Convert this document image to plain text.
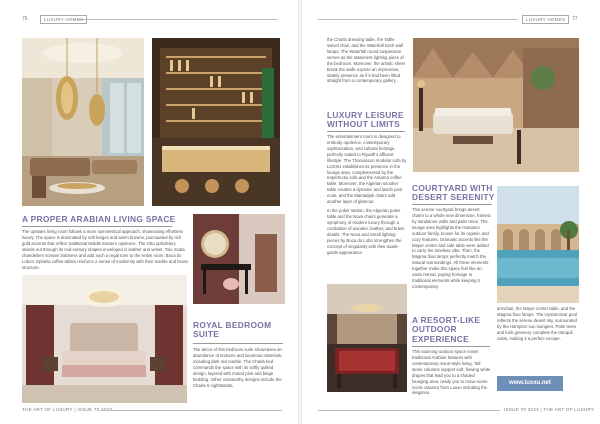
76	LUXURY HOMES
A PROPER ARABIAN LIVING SPACE

The upstairs living room follows a more symmetrical approach, showcasing effortless luxury. The space is dominated by soft beiges and warm browns, punctuated by rich gold accents that reflect traditional Middle Eastern opulence. The Otto upholstery stands out through its mid-century shapes enveloped in leather and velvet. Two Scala chandeliers scream boldness and add such a regal tone to the entire room. Boca do Lobo's Ophelia coffee tables reinforce a sense of modernity with their marble and brass structure.

ROYAL BEDROOM SUITE

The decor of this bedroom suite showcases an abundance of textures and luxurious materials, including dark red marble. The Charla bed commands the space with its softly quilted design, layered with muted pink and beige bedding. Other noteworthy designs include the Charla II nightstands,

THE ART OF LUXURY | ISSUE 70 2023
LUXURY HOMES	77

the Charla dressing table, the Table swivel chair, and the Waterfall torch wall lamps. The Waterfall round suspension serves as the statement lighting piece of the bedroom. Moreover, the artistic sheer break the walls expose an impressive, stately presence as if it had been lifted straight from a contemporary gallery.

LUXURY LEISURE WITHOUT LIMITS

The entertainment room is designed to embody opulence, contemporary sophistication, and cultural heritage, perfectly suited to Riyadh's affluent lifestyle. The Thomasson modular sofa by LUXXU establishes its presence in the lounge area, complemented by the Imperfectio sofa and the Amama coffee table. Moreover, the Algerian snooker table creates a dynamic and lavish pool nook, and the Mamadjah chairs add another layer of glamour.

In the poker station, the Algerian poker table and the Nova chairs generate a symphony of modern luxury through a combation of wooden, leather, and brass details. The Nova and Small lighting pieces by Boca do Lobo strengthen the concept of singularity with their avant-garde appearance.

COURTYARD WITH DESERT SERENITY

This serene courtyard brings desert charm to a whole new dimension, framed by sandstone walls and palm trees. The lounge area highlights the Hampton outdoor family, known for its organic and cozy features. Dramatic accents like the Mayer center and side table were added to carry the timeless vibe. Then, the Magma floor lamps perfectly match the natural surroundings. All these elements together make this space feel like an oasis retreat, paying homage to traditional elements while keeping it contemporary.

A RESORT-LIKE OUTDOOR EXPERIENCE

This stunning outdoor space mixes traditional Arabian features with contemporary resort-style living. Tall stone columns support soft, flowing white drapes that lead you to a shaded lounging area, ready you to move some iconic classics from Luxxu including the elegance.

armchair, the Mayer center table, and the Magma floor lamps. The crystal-clear pool reflects the serene desert sky, surrounded by the Hampton sun loungers. Palm trees and lush greenery complete the tranquil oasis, making it a perfect escape.

ISSUE 70 2023 | THE ART OF LUXURY
www.luxxu.net
